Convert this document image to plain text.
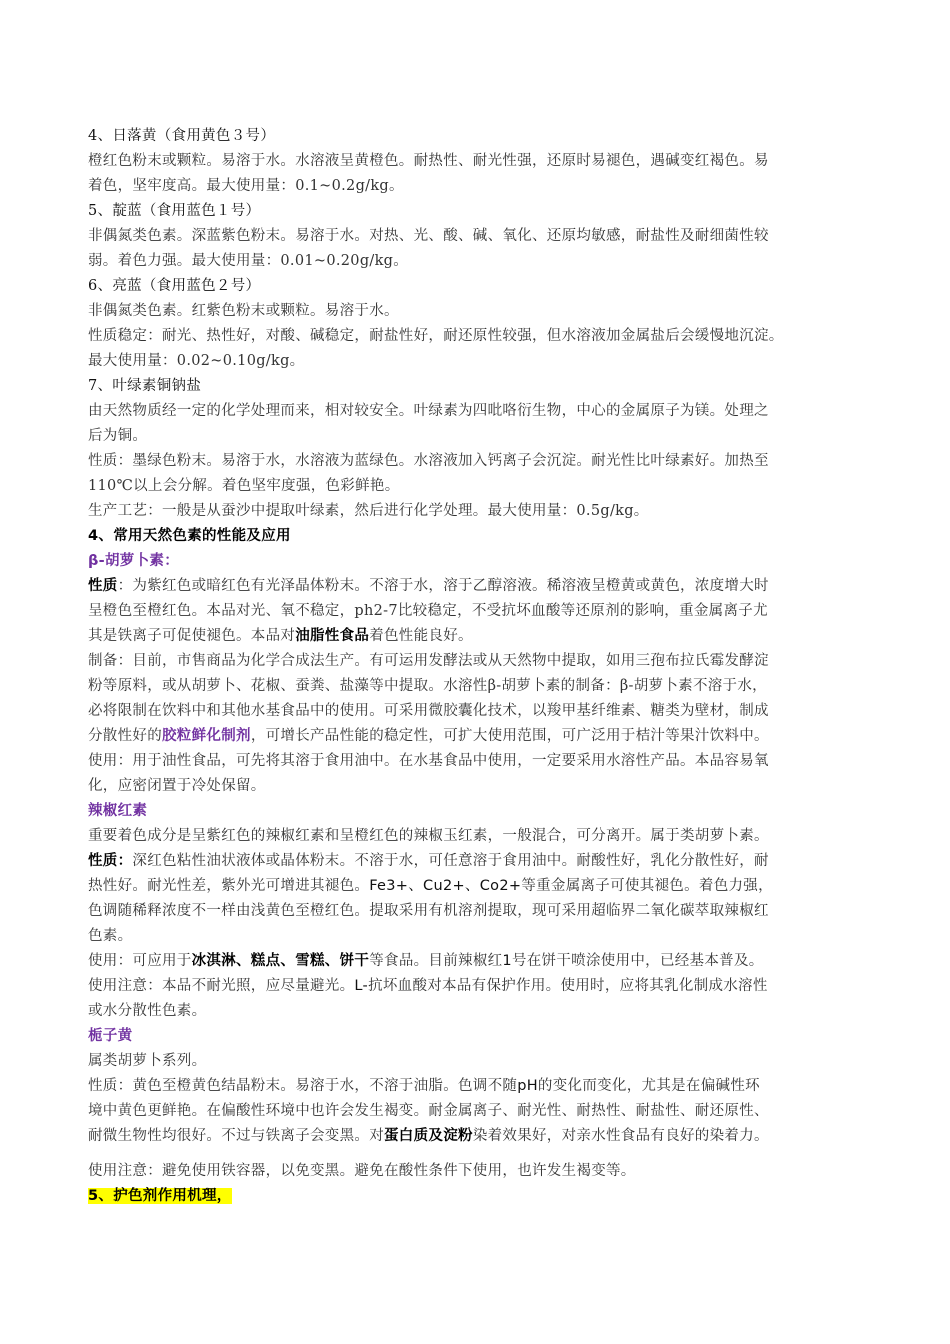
4、日落黄（食用黄色３号）
橙红色粉末或颗粒。易溶于水。水溶液呈黄橙色。耐热性、耐光性强，还原时易褪色，遇碱变红褐色。易
着色，坚牢度高。最大使用量：0.1~0.2g/kg。
5、靛蓝（食用蓝色１号）
非偶氮类色素。深蓝紫色粉末。易溶于水。对热、光、酸、碱、氧化、还原均敏感，耐盐性及耐细菌性较
弱。着色力强。最大使用量：0.01~0.20g/kg。
6、亮蓝（食用蓝色２号）
非偶氮类色素。红紫色粉末或颗粒。易溶于水。
性质稳定：耐光、热性好，对酸、碱稳定，耐盐性好，耐还原性较强，但水溶液加金属盐后会缓慢地沉淀。
最大使用量：0.02~0.10g/kg。
7、叶绿素铜钠盐
由天然物质经一定的化学处理而来，相对较安全。叶绿素为四吡咯衍生物，中心的金属原子为镁。处理之
后为铜。
性质：墨绿色粉末。易溶于水，水溶液为蓝绿色。水溶液加入钙离子会沉淀。耐光性比叶绿素好。加热至
110℃以上会分解。着色坚牢度强，色彩鲜艳。
生产工艺：一般是从蚕沙中提取叶绿素，然后进行化学处理。最大使用量：0.5g/kg。
4、常用天然色素的性能及应用
β-胡萝卜素：
性质：为紫红色或暗红色有光泽晶体粉末。不溶于水，溶于乙醇溶液。稀溶液呈橙黄或黄色，浓度增大时
呈橙色至橙红色。本品对光、氧不稳定，ph2-7比较稳定，不受抗坏血酸等还原剂的影响，重金属离子尤
其是铁离子可促使褪色。本品对油脂性食品着色性能良好。
制备：目前，市售商品为化学合成法生产。有可运用发酵法或从天然物中提取，如用三孢布拉氏霉发酵淀
粉等原料，或从胡萝卜、花椒、蚕粪、盐藻等中提取。水溶性β-胡萝卜素的制备：β-胡萝卜素不溶于水，
必将限制在饮料中和其他水基食品中的使用。可采用微胶囊化技术，以羧甲基纤维素、糖类为壁材，制成
分散性好的胶粒鲜化制剂，可增长产品性能的稳定性，可扩大使用范围，可广泛用于桔汁等果汁饮料中。
使用：用于油性食品，可先将其溶于食用油中。在水基食品中使用，一定要采用水溶性产品。本品容易氧
化，应密闭置于冷处保留。
辣椒红素
重要着色成分是呈紫红色的辣椒红素和呈橙红色的辣椒玉红素，一般混合，可分离开。属于类胡萝卜素。
性质：深红色粘性油状液体或晶体粉末。不溶于水，可任意溶于食用油中。耐酸性好，乳化分散性好，耐
热性好。耐光性差，紫外光可增进其褪色。Fe3+、Cu2+、Co2+等重金属离子可使其褪色。着色力强，
色调随稀释浓度不一样由浅黄色至橙红色。提取采用有机溶剂提取，现可采用超临界二氧化碳萃取辣椒红
色素。
使用：可应用于冰淇淋、糕点、雪糕、饼干等食品。目前辣椒红1号在饼干喷涂使用中，已经基本普及。
使用注意：本品不耐光照，应尽量避光。L-抗坏血酸对本品有保护作用。使用时，应将其乳化制成水溶性
或水分散性色素。
栀子黄
属类胡萝卜系列。
性质：黄色至橙黄色结晶粉末。易溶于水，不溶于油脂。色调不随pH的变化而变化，尤其是在偏碱性环
境中黄色更鲜艳。在偏酸性环境中也许会发生褐变。耐金属离子、耐光性、耐热性、耐盐性、耐还原性、
耐微生物性均很好。不过与铁离子会变黑。对蛋白质及淀粉染着效果好，对亲水性食品有良好的染着力。
使用注意：避免使用铁容器，以免变黑。避免在酸性条件下使用，也许发生褐变等。
5、护色剂作用机理，
